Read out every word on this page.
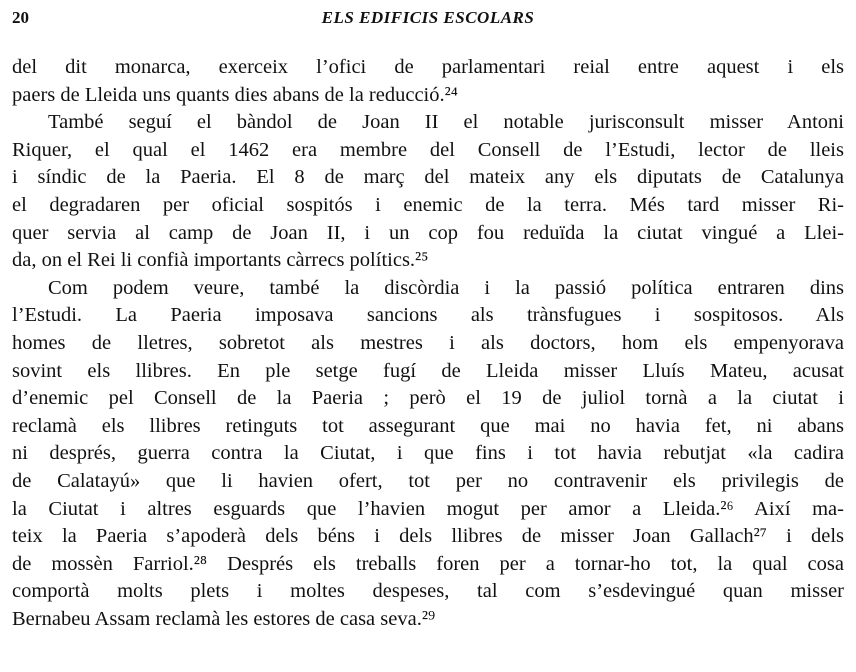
20	ELS EDIFICIS ESCOLARS
del dit monarca, exerceix l’ofici de parlamentari reial entre aquest i els
paers de Lleida uns quants dies abans de la reducció.²⁴
També seguí el bàndol de Joan II el notable jurisconsult misser Antoni
Riquer, el qual el 1462 era membre del Consell de l’Estudi, lector de lleis
i síndic de la Paeria. El 8 de març del mateix any els diputats de Catalunya
el degradaren per oficial sospitós i enemic de la terra. Més tard misser Ri-
quer servia al camp de Joan II, i un cop fou reduïda la ciutat vingué a Llei-
da, on el Rei li confià importants càrrecs polítics.²⁵
Com podem veure, també la discòrdia i la passió política entraren dins
l’Estudi. La Paeria imposava sancions als trànsfugues i sospitosos. Als
homes de lletres, sobretot als mestres i als doctors, hom els empenyorava
sovint els llibres. En ple setge fugí de Lleida misser Lluís Mateu, acusat
d’enemic pel Consell de la Paeria ; però el 19 de juliol tornà a la ciutat i
reclamà els llibres retinguts tot assegurant que mai no havia fet, ni abans
ni després, guerra contra la Ciutat, i que fins i tot havia rebutjat «la cadira
de Calatayú» que li havien ofert, tot per no contravenir els privilegis de
la Ciutat i altres esguards que l’havien mogut per amor a Lleida.²⁶ Així ma-
teix la Paeria s’apoderà dels béns i dels llibres de misser Joan Gallach²⁷ i dels
de mossèn Farriol.²⁸ Després els treballs foren per a tornar-ho tot, la qual cosa
comportà molts plets i moltes despeses, tal com s’esdevingué quan misser
Bernabeu Assam reclamà les estores de casa seva.²⁹
